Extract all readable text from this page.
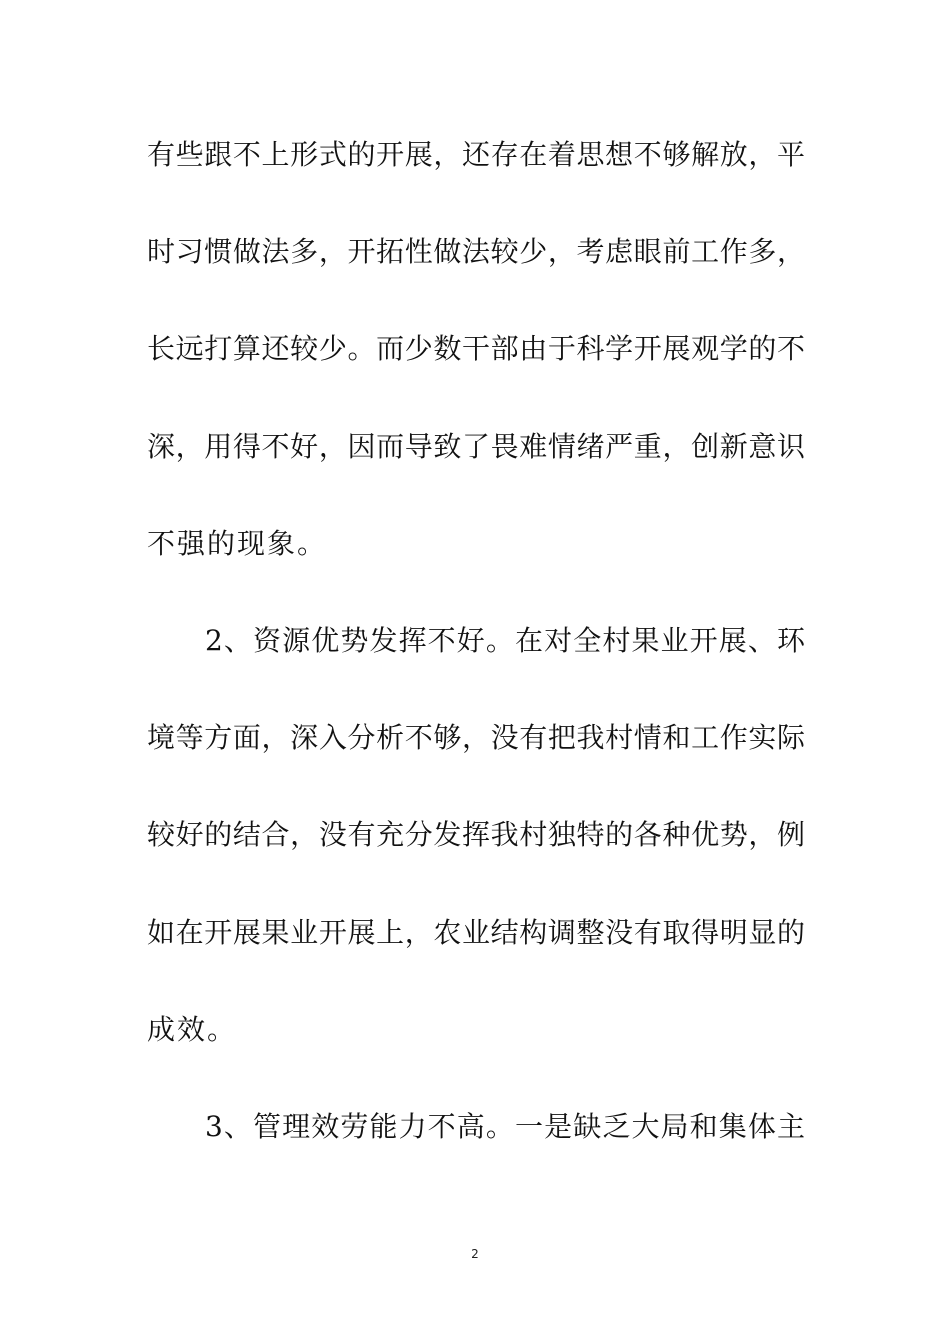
有些跟不上形式的开展，还存在着思想不够解放，平
时习惯做法多，开拓性做法较少，考虑眼前工作多，
长远打算还较少。而少数干部由于科学开展观学的不
深，用得不好，因而导致了畏难情绪严重，创新意识
不强的现象。
2、资源优势发挥不好。在对全村果业开展、环
境等方面，深入分析不够，没有把我村情和工作实际
较好的结合，没有充分发挥我村独特的各种优势，例
如在开展果业开展上，农业结构调整没有取得明显的
成效。
3、管理效劳能力不高。一是缺乏大局和集体主
2
